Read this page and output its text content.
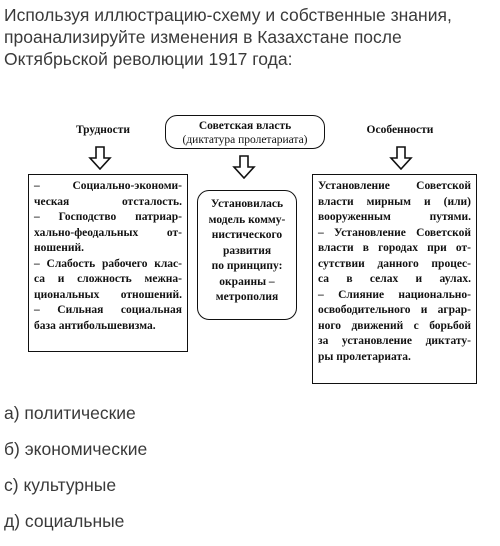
Используя иллюстрацию-схему и собственные знания, проанализируйте изменения в Казахстане после Октябрьской революции 1917 года:

Трудности	Советская власть
(диктатура пролетариата)
Особенности
– Социально-экономи-
ческая отсталость.
– Господство патриар-
хально-феодальных от-
ношений.
– Слабость рабочего клас-
са и сложность межна-
циональных отношений.
– Сильная социальная
база антибольшевизма.
Установилась
модель комму-
нистического
развития
по принципу:
окраины –
метрополия
Установление Советской
власти мирным и (или)
вооруженным путями.
– Установление Советской
власти в городах при от-
сутствии данного процес-
са в селах и аулах.
– Слияние национально-
освободительного и аграр-
ного движений с борьбой
за установление диктату-
ры пролетариата.
а) политические
б) экономические
с) культурные
д) социальные
